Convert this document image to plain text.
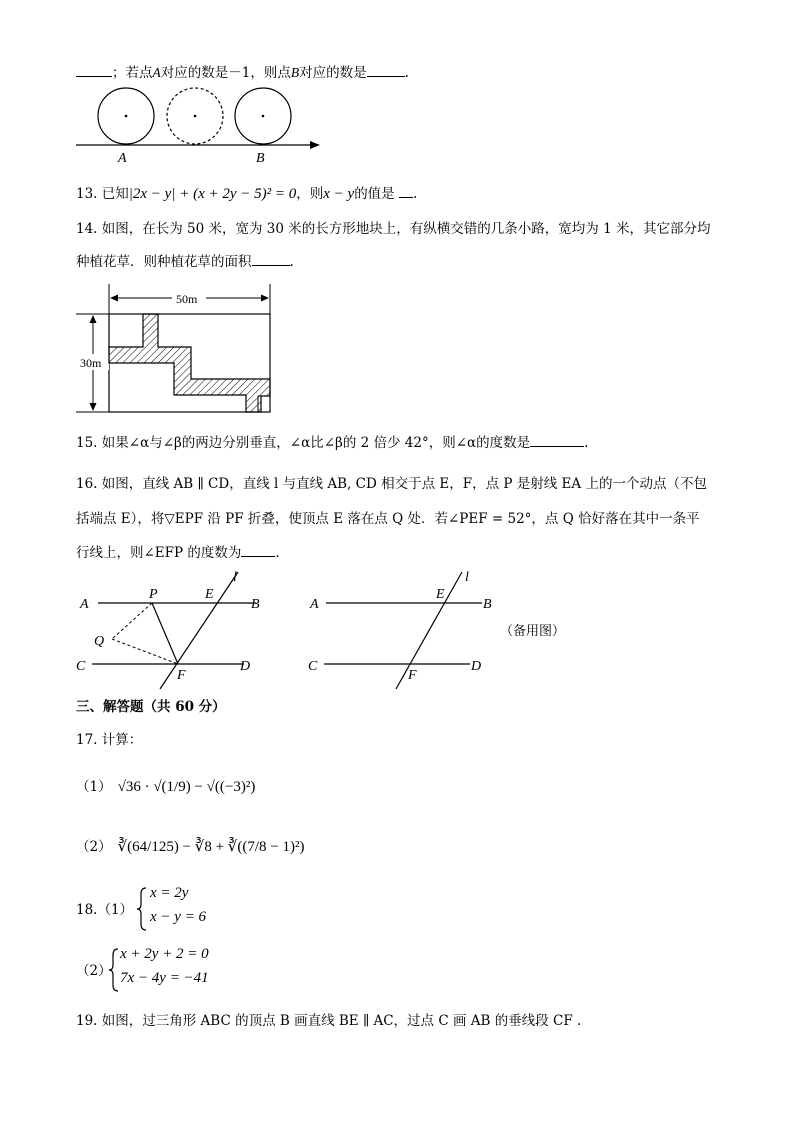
；若点A对应的数是－1，则点B对应的数是	.
A	B
13. 已知|2x − y| + (x + 2y − 5)² = 0，则x − y的值是 .
14. 如图，在长为 50 米，宽为 30 米的长方形地块上，有纵横交错的几条小路，宽均为 1 米，其它部分均
种植花草．则种植花草的面积	.
50m
30m
15. 如果∠α与∠β的两边分别垂直，∠α比∠β的 2 倍少 42°，则∠α的度数是	.
16. 如图，直线 AB ∥ CD，直线 l 与直线 AB, CD 相交于点 E，F，点 P 是射线 EA 上的一个动点（不包
括端点 E），将▽EPF 沿 PF 折叠，使顶点 E 落在点 Q 处．若∠PEF = 52°，点 Q 恰好落在其中一条平
行线上，则∠EFP 的度数为	.
A	B
C	D
P	E
F
Q
l
A	B
C	D
E
F
l
（备用图）
三、解答题（共 60 分）
17. 计算：
（1） √36 · √(1/9) − √((−3)²)
（2） ∛(64/125) − ∛8 + ∛((7/8 − 1)²)
18.（1）
x = 2y
x − y = 6
（2）
x + 2y + 2 = 0
7x − 4y = −41
19. 如图，过三角形 ABC 的顶点 B 画直线 BE ∥ AC，过点 C 画 AB 的垂线段 CF .
